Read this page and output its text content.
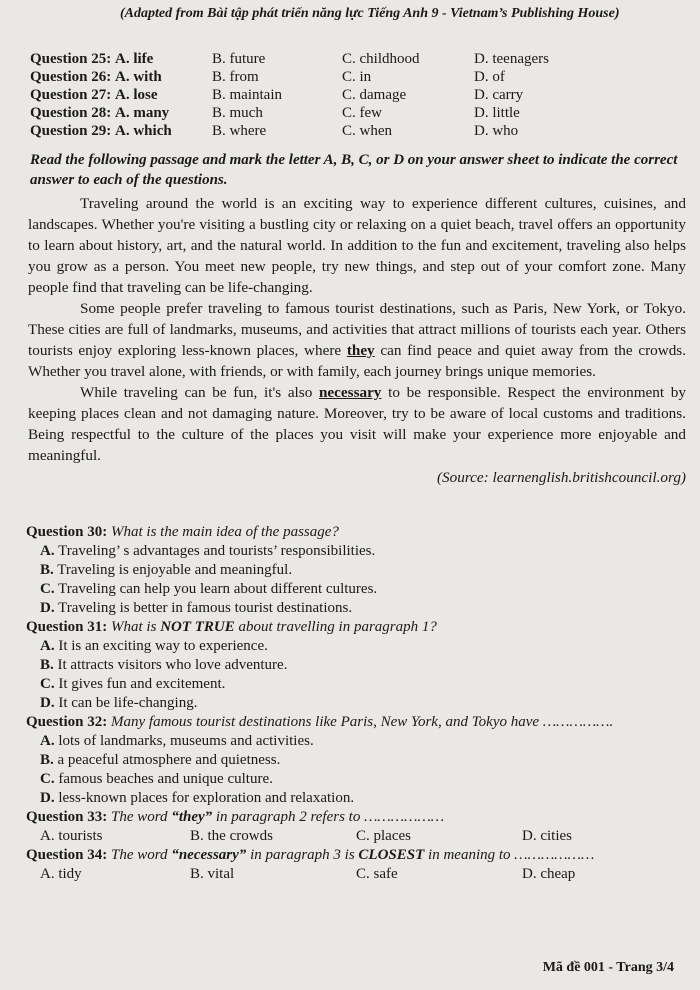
(Adapted from Bài tập phát triển năng lực Tiếng Anh 9 - Vietnam’s Publishing House)
Question 25: A. life	B. future	C. childhood	D. teenagers
Question 26: A. with	B. from	C. in	D. of
Question 27: A. lose	B. maintain	C. damage	D. carry
Question 28: A. many	B. much	C. few	D. little
Question 29: A. which	B. where	C. when	D. who
Read the following passage and mark the letter A, B, C, or D on your answer sheet to indicate the correct answer to each of the questions.

Traveling around the world is an exciting way to experience different cultures, cuisines, and landscapes. Whether you're visiting a bustling city or relaxing on a quiet beach, travel offers an opportunity to learn about history, art, and the natural world. In addition to the fun and excitement, traveling also helps you grow as a person. You meet new people, try new things, and step out of your comfort zone. Many people find that traveling can be life-changing.

Some people prefer traveling to famous tourist destinations, such as Paris, New York, or Tokyo. These cities are full of landmarks, museums, and activities that attract millions of tourists each year. Others tourists enjoy exploring less-known places, where they can find peace and quiet away from the crowds. Whether you travel alone, with friends, or with family, each journey brings unique memories.

While traveling can be fun, it's also necessary to be responsible. Respect the environment by keeping places clean and not damaging nature. Moreover, try to be aware of local customs and traditions. Being respectful to the culture of the places you visit will make your experience more enjoyable and meaningful.

(Source: learnenglish.britishcouncil.org)
Question 30: What is the main idea of the passage?
A. Traveling’ s advantages and tourists’ responsibilities.
B. Traveling is enjoyable and meaningful.
C. Traveling can help you learn about different cultures.
D. Traveling is better in famous tourist destinations.
Question 31: What is NOT TRUE about travelling in paragraph 1?
A. It is an exciting way to experience.
B. It attracts visitors who love adventure.
C. It gives fun and excitement.
D. It can be life-changing.
Question 32: Many famous tourist destinations like Paris, New York, and Tokyo have …………….
A. lots of landmarks, museums and activities.
B. a peaceful atmosphere and quietness.
C. famous beaches and unique culture.
D. less-known places for exploration and relaxation.
Question 33: The word “they” in paragraph 2 refers to ………………
A. tourists	B. the crowds	C. places	D. cities
Question 34: The word “necessary” in paragraph 3 is CLOSEST in meaning to ………………
A. tidy	B. vital	C. safe	D. cheap
Mã đề 001 - Trang 3/4
